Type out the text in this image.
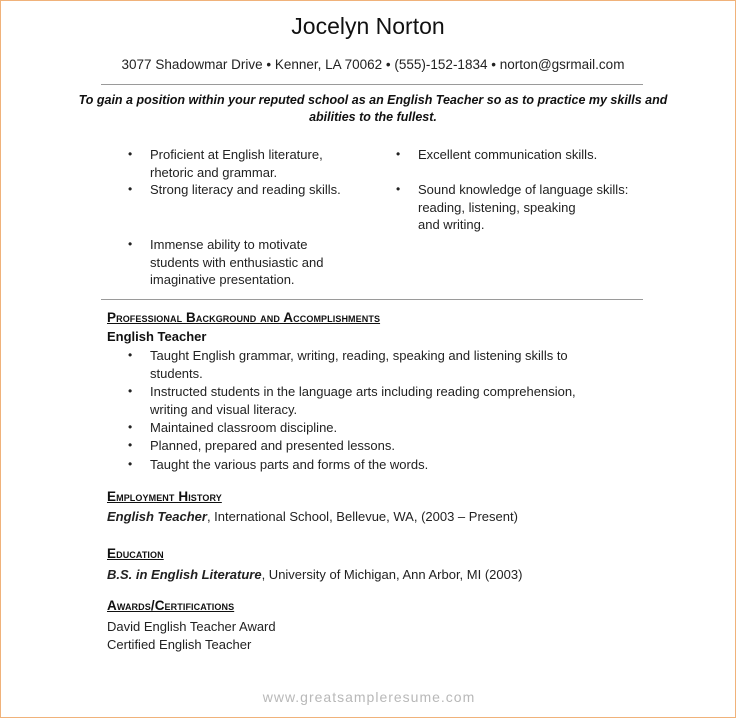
Jocelyn Norton
3077 Shadowmar Drive • Kenner, LA 70062 • (555)-152-1834 • norton@gsrmail.com
To gain a position within your reputed school as an English Teacher so as to practice my skills and
abilities to the fullest.
• Proficient at English literature,
rhetoric and grammar.
• Strong literacy and reading skills.
• Immense ability to motivate
students with enthusiastic and
imaginative presentation.
• Excellent communication skills.
• Sound knowledge of language skills:
reading, listening, speaking
and writing.
Professional Background and Accomplishments
English Teacher
• Taught English grammar, writing, reading, speaking and listening skills to
students.
• Instructed students in the language arts including reading comprehension,
writing and visual literacy.
• Maintained classroom discipline.
• Planned, prepared and presented lessons.
• Taught the various parts and forms of the words.
Employment History
English Teacher, International School, Bellevue, WA, (2003 – Present)
Education
B.S. in English Literature, University of Michigan, Ann Arbor, MI (2003)
Awards/Certifications
David English Teacher Award
Certified English Teacher
www.greatsampleresume.com
